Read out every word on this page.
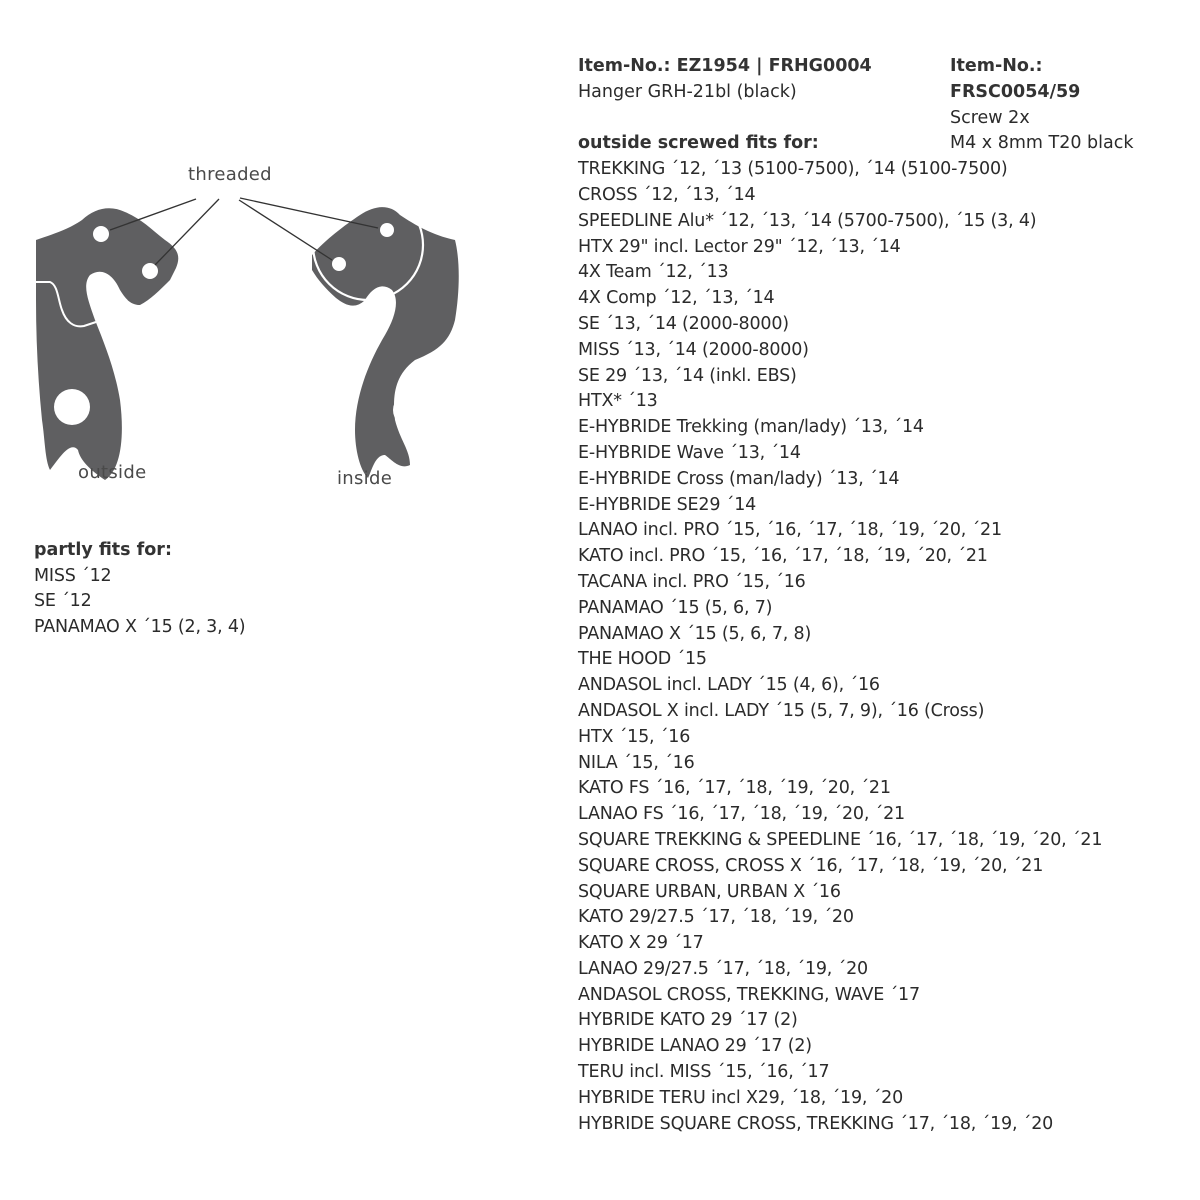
threaded
outside	inside
partly fits for:
MISS ´12
SE ´12
PANAMAO X ´15 (2, 3, 4)
Item-No.: EZ1954 | FRHG0004
Hanger GRH-21bl (black)
Item-No.: FRSC0054/59
Screw 2x
M4 x 8mm T20 black
outside screwed fits for:
TREKKING ´12, ´13 (5100-7500), ´14 (5100-7500)
CROSS ´12, ´13, ´14
SPEEDLINE Alu* ´12, ´13, ´14 (5700-7500), ´15 (3, 4)
HTX 29" incl. Lector 29" ´12, ´13, ´14
4X Team ´12, ´13
4X Comp ´12, ´13, ´14
SE ´13, ´14 (2000-8000)
MISS ´13, ´14 (2000-8000)
SE 29 ´13, ´14 (inkl. EBS)
HTX* ´13
E-HYBRIDE Trekking (man/lady) ´13, ´14
E-HYBRIDE Wave ´13, ´14
E-HYBRIDE Cross (man/lady) ´13, ´14
E-HYBRIDE SE29 ´14
LANAO incl. PRO ´15, ´16, ´17, ´18, ´19, ´20, ´21
KATO incl. PRO ´15, ´16, ´17, ´18, ´19, ´20, ´21
TACANA incl. PRO ´15, ´16
PANAMAO ´15 (5, 6, 7)
PANAMAO X ´15 (5, 6, 7, 8)
THE HOOD ´15
ANDASOL incl. LADY ´15 (4, 6), ´16
ANDASOL X incl. LADY ´15 (5, 7, 9), ´16 (Cross)
HTX ´15, ´16
NILA ´15, ´16
KATO FS ´16, ´17, ´18, ´19, ´20, ´21
LANAO FS ´16, ´17, ´18, ´19, ´20, ´21
SQUARE TREKKING & SPEEDLINE ´16, ´17, ´18, ´19, ´20, ´21
SQUARE CROSS, CROSS X ´16, ´17, ´18, ´19, ´20, ´21
SQUARE URBAN, URBAN X ´16
KATO 29/27.5 ´17, ´18, ´19, ´20
KATO X 29 ´17
LANAO 29/27.5 ´17, ´18, ´19, ´20
ANDASOL CROSS, TREKKING, WAVE ´17
HYBRIDE KATO 29 ´17 (2)
HYBRIDE LANAO 29 ´17 (2)
TERU incl. MISS ´15, ´16, ´17
HYBRIDE TERU incl X29, ´18, ´19, ´20
HYBRIDE SQUARE CROSS, TREKKING ´17, ´18, ´19, ´20
